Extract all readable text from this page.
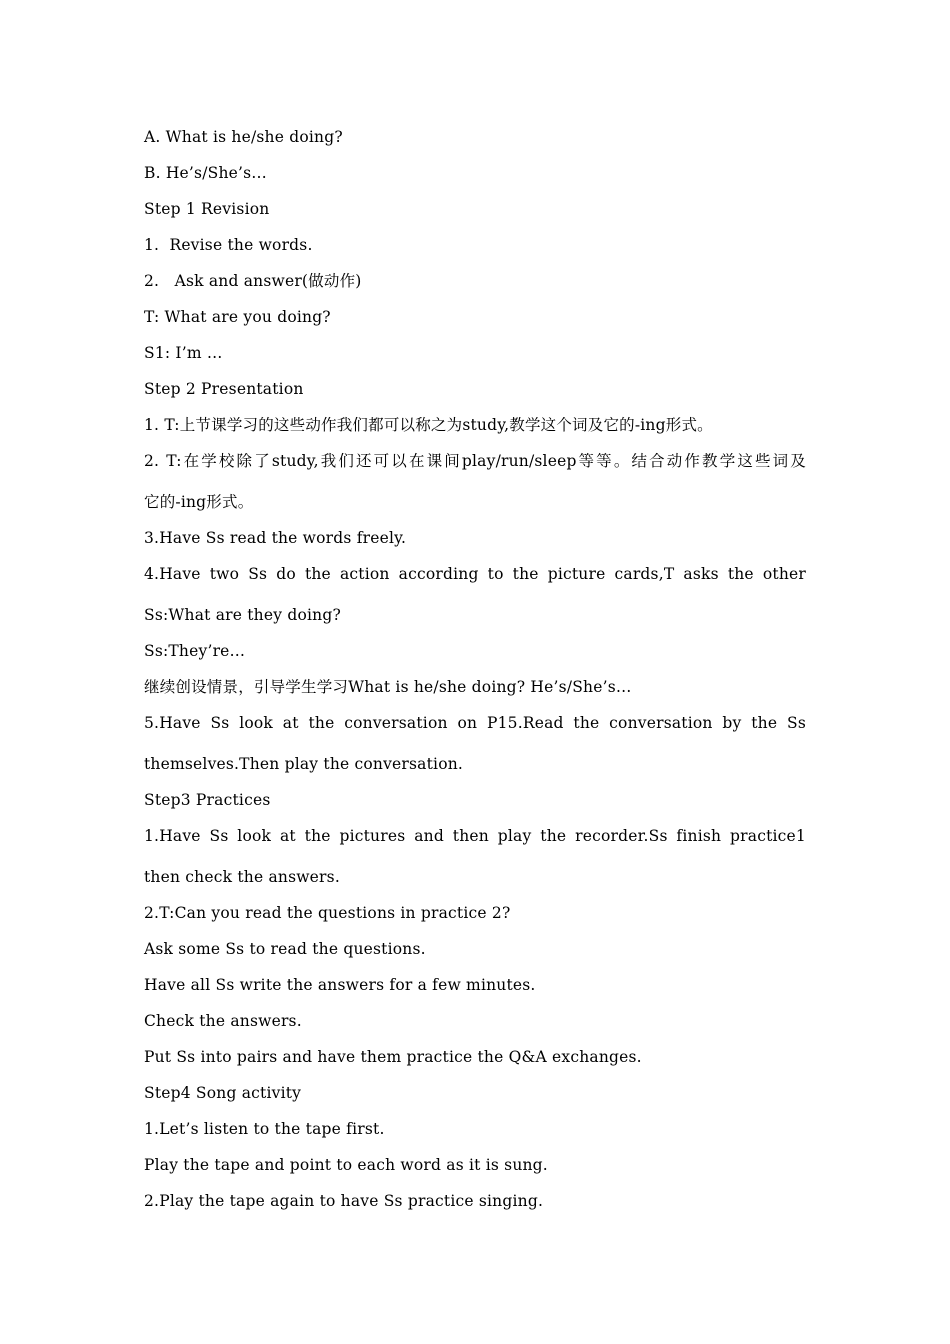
A. What is he/she doing?
B. He’s/She’s…
Step 1 Revision
1.  Revise the words.
2.   Ask and answer(做动作)
T: What are you doing?
S1: I’m …
Step 2 Presentation
1. T:上节课学习的这些动作我们都可以称之为study,教学这个词及它的-ing形式。
2. T:在学校除了study,我们还可以在课间play/run/sleep等等。结合动作教学这些词及
它的-ing形式。
3.Have Ss read the words freely.
4.Have two Ss do the action according to the picture cards,T asks the other
Ss:What are they doing?
Ss:They’re…
继续创设情景，引导学生学习What is he/she doing? He’s/She’s…
5.Have Ss look at the conversation on P15.Read the conversation by the Ss
themselves.Then play the conversation.
Step3 Practices
1.Have Ss look at the pictures and then play the recorder.Ss finish practice1
then check the answers.
2.T:Can you read the questions in practice 2?
Ask some Ss to read the questions.
Have all Ss write the answers for a few minutes.
Check the answers.
Put Ss into pairs and have them practice the Q&A exchanges.
Step4 Song activity
1.Let’s listen to the tape first.
Play the tape and point to each word as it is sung.
2.Play the tape again to have Ss practice singing.
